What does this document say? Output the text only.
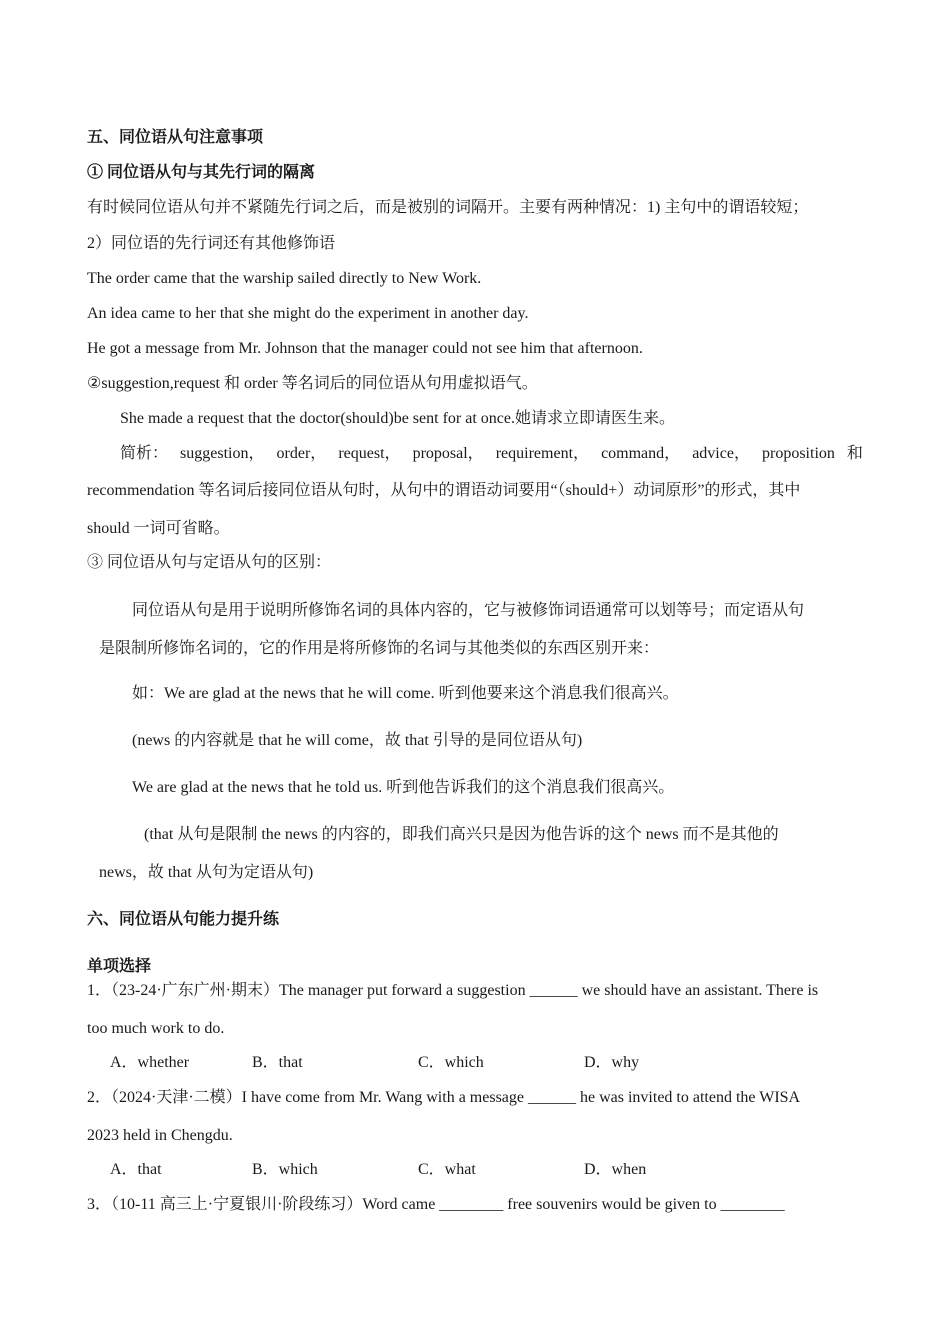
五、同位语从句注意事项
① 同位语从句与其先行词的隔离
有时候同位语从句并不紧随先行词之后，而是被别的词隔开。主要有两种情况：1) 主句中的谓语较短；
2）同位语的先行词还有其他修饰语
The order came that the warship sailed directly to New Work.
An idea came to her that she might do the experiment in another day.
He got a message from Mr. Johnson that the manager could not see him that afternoon.
②suggestion,request 和 order 等名词后的同位语从句用虚拟语气。
She made a request that the doctor(should)be sent for at once.她请求立即请医生来。
简析： suggestion， order， request， proposal， requirement， command， advice， proposition 和
recommendation 等名词后接同位语从句时，从句中的谓语动词要用“（should+）动词原形”的形式，其中
should 一词可省略。
③ 同位语从句与定语从句的区别：
同位语从句是用于说明所修饰名词的具体内容的，它与被修饰词语通常可以划等号；而定语从句
是限制所修饰名词的，它的作用是将所修饰的名词与其他类似的东西区别开来：
如：We are glad at the news that he will come. 听到他要来这个消息我们很高兴。
(news 的内容就是 that he will come，故 that 引导的是同位语从句)
We are glad at the news that he told us. 听到他告诉我们的这个消息我们很高兴。
(that 从句是限制 the news 的内容的，即我们高兴只是因为他告诉的这个 news 而不是其他的
news，故 that 从句为定语从句)
六、同位语从句能力提升练
单项选择
1．（23-24·广东广州·期末）The manager put forward a suggestion ______ we should have an assistant. There is
too much work to do.
A．whether	B．that	C．which	D．why
2．（2024·天津·二模）I have come from Mr. Wang with a message ______ he was invited to attend the WISA
2023 held in Chengdu.
A．that	B．which	C．what	D．when
3．（10-11 高三上·宁夏银川·阶段练习）Word came ________ free souvenirs would be given to ________
